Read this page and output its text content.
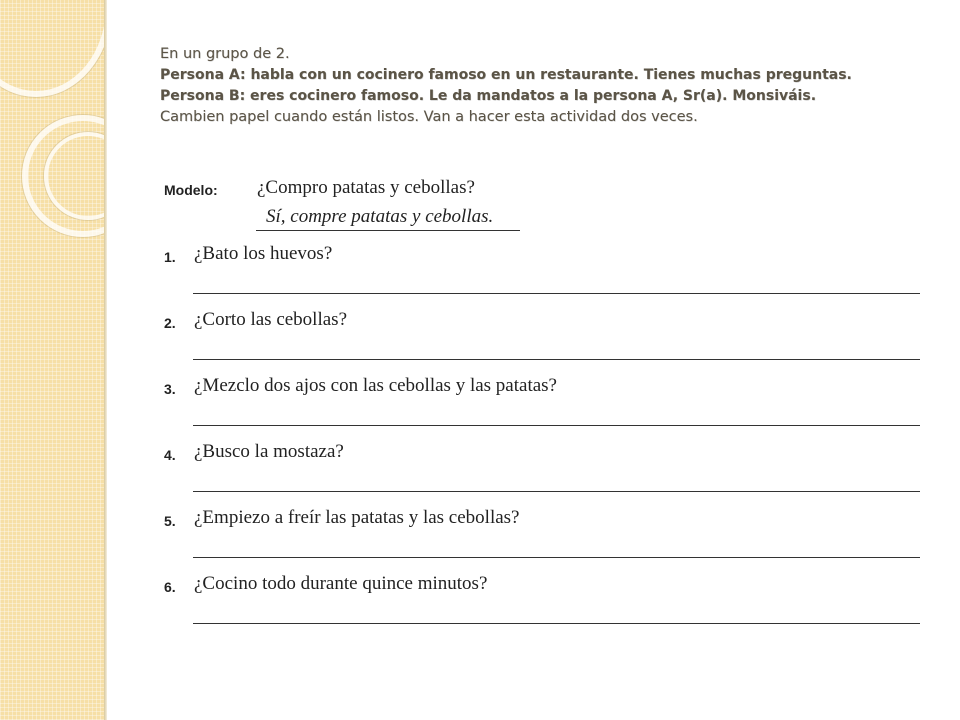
En un grupo de 2.
Persona A: habla con un cocinero famoso en un restaurante. Tienes muchas preguntas.
Persona B: eres cocinero famoso. Le da mandatos a la persona A, Sr(a). Monsiváis.
Cambien papel cuando están listos. Van a hacer esta actividad dos veces.
Modelo: ¿Compro patatas y cebollas?
Sí, compre patatas y cebollas.
1. ¿Bato los huevos?
2. ¿Corto las cebollas?
3. ¿Mezclo dos ajos con las cebollas y las patatas?
4. ¿Busco la mostaza?
5. ¿Empiezo a freír las patatas y las cebollas?
6. ¿Cocino todo durante quince minutos?
